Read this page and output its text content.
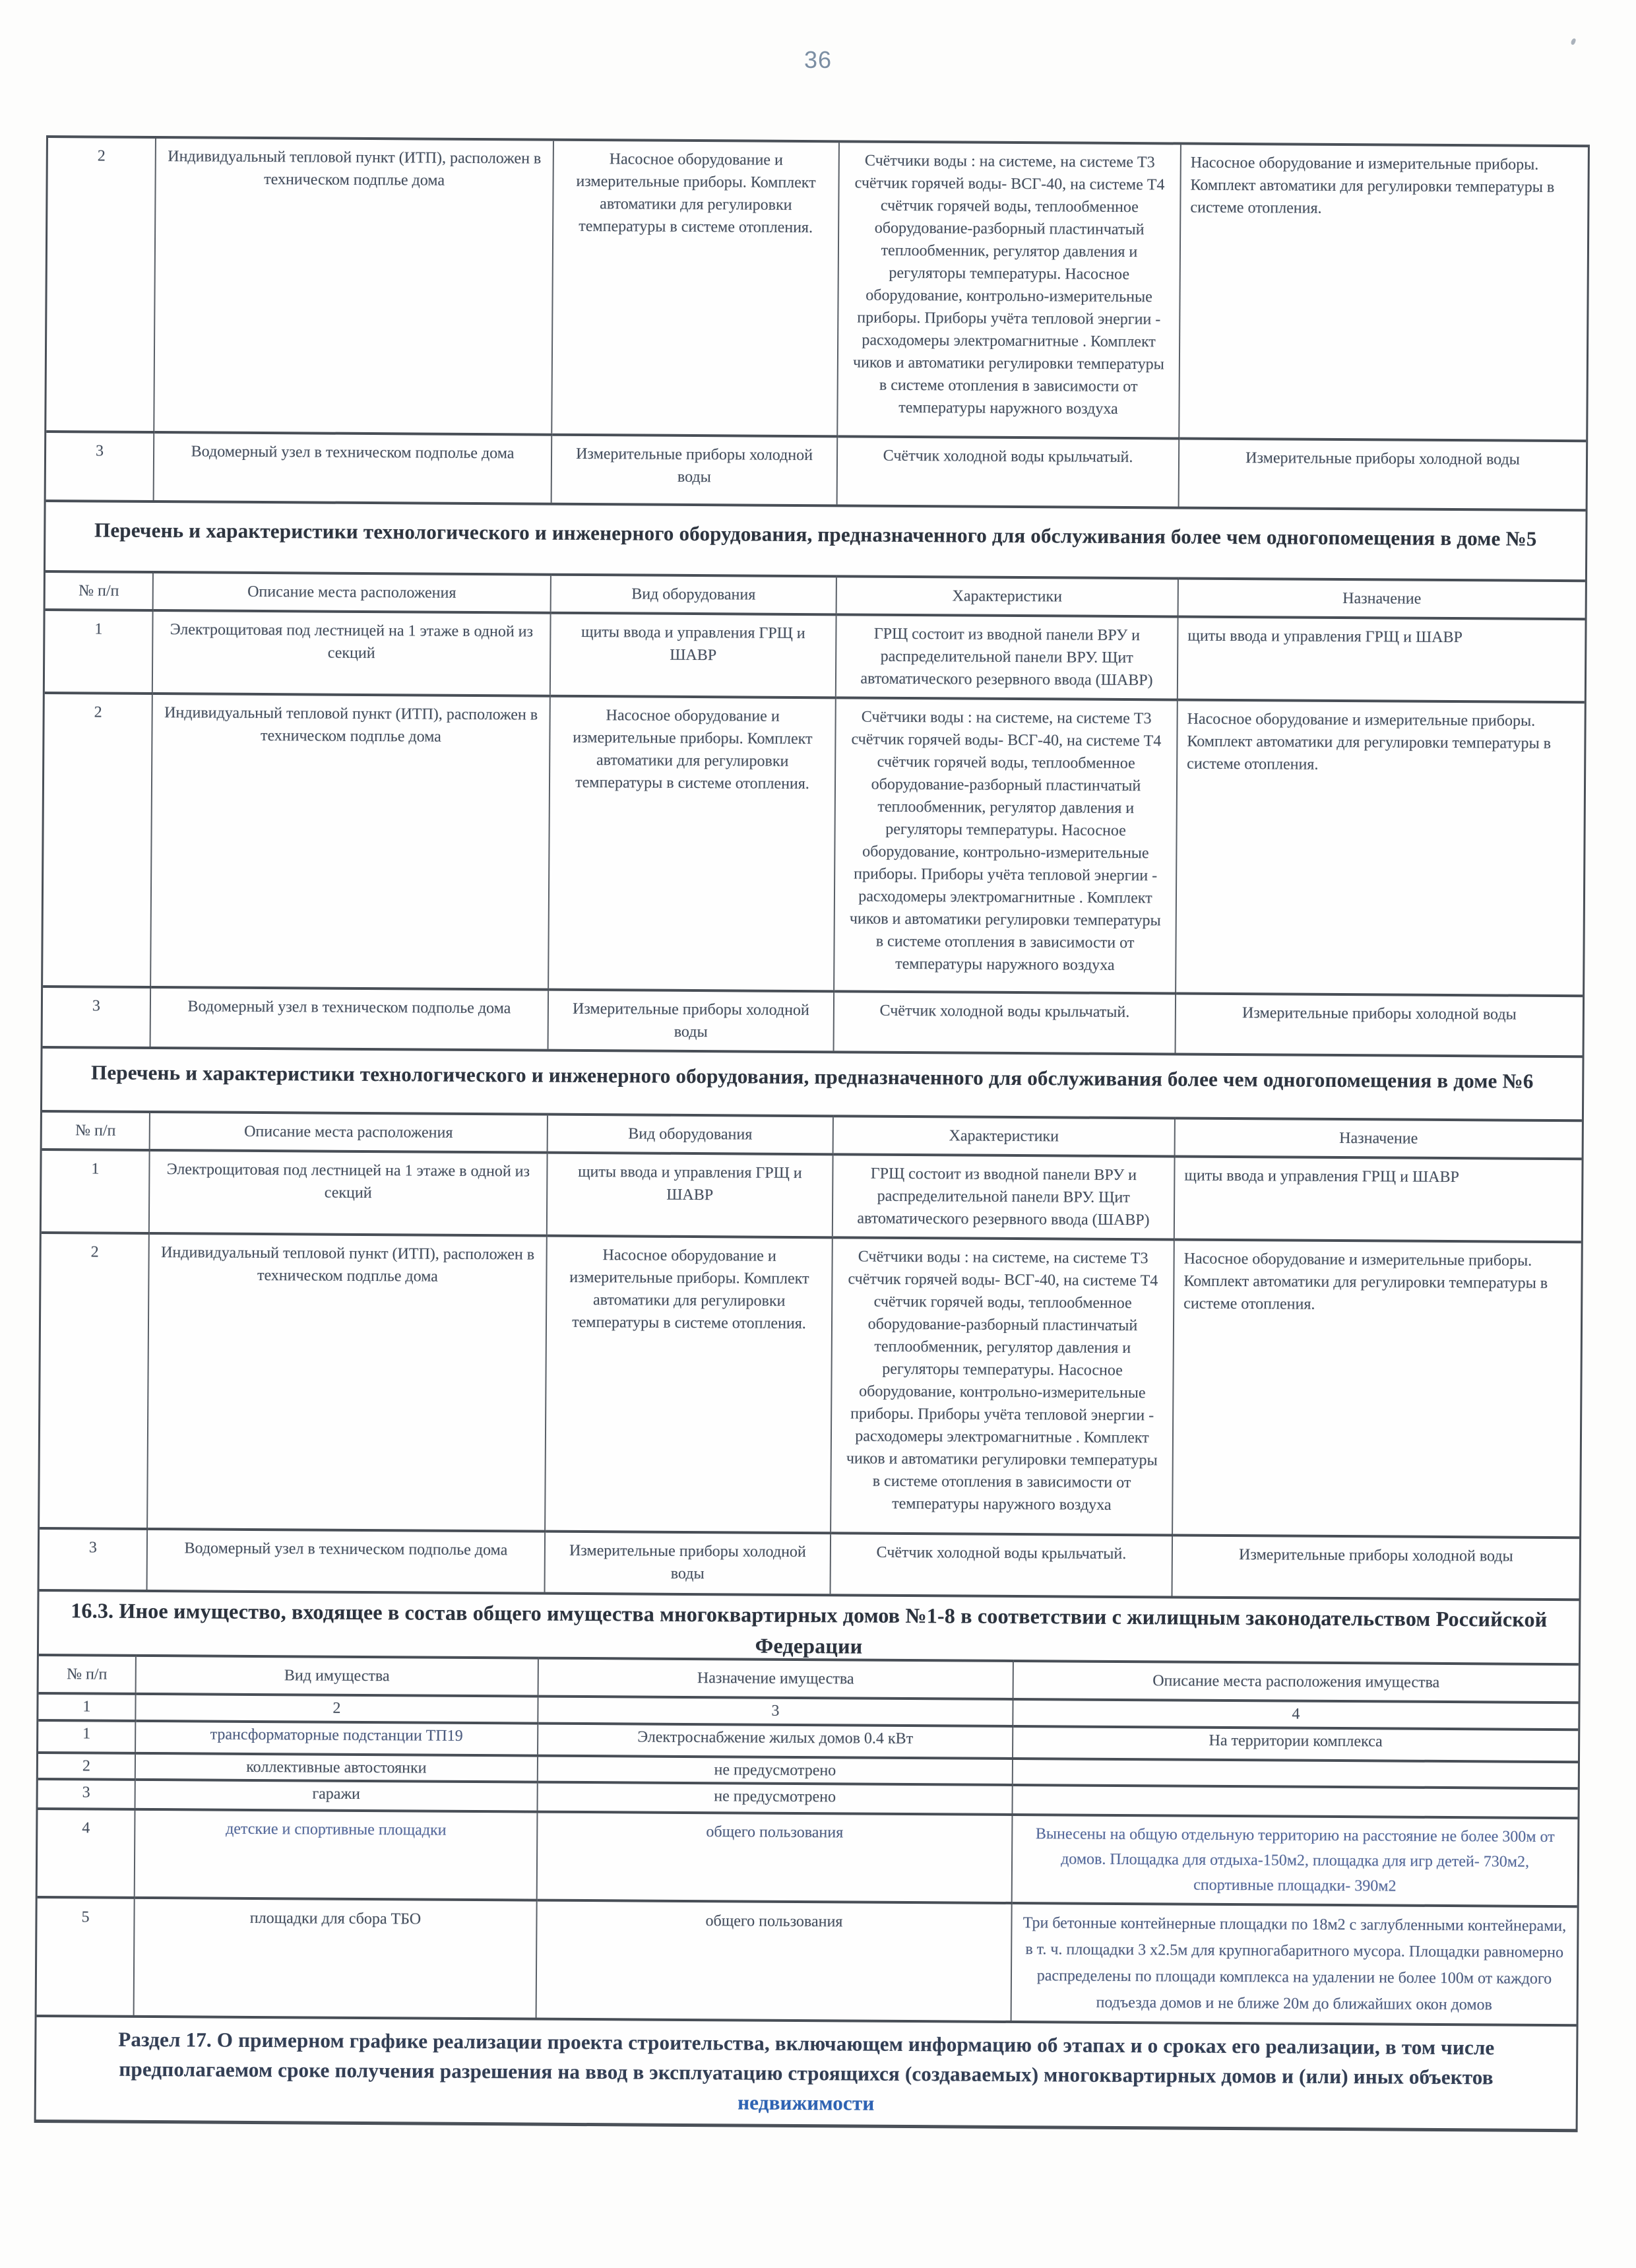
36
2	Индивидуальный тепловой пункт (ИТП), расположен в техническом подплье дома	Насосное оборудование и измерительные приборы. Комплект автоматики для регулировки температуры в системе отопления.	Счётчики воды : на системе, на системе Т3 счётчик горячей воды- ВСГ-40, на системе Т4 счётчик горячей воды, теплообменное оборудование-разборный пластинчатый теплообменник, регулятор давления и регуляторы температуры. Насосное оборудование, контрольно-измерительные приборы. Приборы учёта тепловой энергии - расходомеры электромагнитные . Комплект чиков и автоматики регулировки температуры в системе отопления в зависимости от температуры наружного воздуха	Насосное оборудование и измерительные приборы. Комплект автоматики для регулировки температуры в системе отопления.
3	Водомерный узел в техническом подполье дома	Измерительные приборы холодной воды	Счётчик холодной воды крыльчатый.	Измерительные приборы холодной воды
Перечень и характеристики технологического и инженерного оборудования, предназначенного для обслуживания более чем одногопомещения в доме №5
№ п/п	Описание места расположения	Вид оборудования	Характеристики	Назначение
1	Электрощитовая под лестницей на 1 этаже в одной из секций	щиты ввода и управления ГРЩ и ШАВР	ГРЩ состоит из вводной панели ВРУ и распределительной панели ВРУ. Щит автоматического резервного ввода (ШАВР)	щиты ввода и управления ГРЩ и ШАВР
2	Индивидуальный тепловой пункт (ИТП), расположен в техническом подплье дома	Насосное оборудование и измерительные приборы. Комплект автоматики для регулировки температуры в системе отопления.	Счётчики воды : на системе, на системе Т3 счётчик горячей воды- ВСГ-40, на системе Т4 счётчик горячей воды, теплообменное оборудование-разборный пластинчатый теплообменник, регулятор давления и регуляторы температуры. Насосное оборудование, контрольно-измерительные приборы. Приборы учёта тепловой энергии - расходомеры электромагнитные . Комплект чиков и автоматики регулировки температуры в системе отопления в зависимости от температуры наружного воздуха	Насосное оборудование и измерительные приборы. Комплект автоматики для регулировки температуры в системе отопления.
3	Водомерный узел в техническом подполье дома	Измерительные приборы холодной воды	Счётчик холодной воды крыльчатый.	Измерительные приборы холодной воды
Перечень и характеристики технологического и инженерного оборудования, предназначенного для обслуживания более чем одногопомещения в доме №6
№ п/п	Описание места расположения	Вид оборудования	Характеристики	Назначение
1	Электрощитовая под лестницей на 1 этаже в одной из секций	щиты ввода и управления ГРЩ и ШАВР	ГРЩ состоит из вводной панели ВРУ и распределительной панели ВРУ. Щит автоматического резервного ввода (ШАВР)	щиты ввода и управления ГРЩ и ШАВР
2	Индивидуальный тепловой пункт (ИТП), расположен в техническом подплье дома	Насосное оборудование и измерительные приборы. Комплект автоматики для регулировки температуры в системе отопления.	Счётчики воды : на системе, на системе Т3 счётчик горячей воды- ВСГ-40, на системе Т4 счётчик горячей воды, теплообменное оборудование-разборный пластинчатый теплообменник, регулятор давления и регуляторы температуры. Насосное оборудование, контрольно-измерительные приборы. Приборы учёта тепловой энергии - расходомеры электромагнитные . Комплект чиков и автоматики регулировки температуры в системе отопления в зависимости от температуры наружного воздуха	Насосное оборудование и измерительные приборы. Комплект автоматики для регулировки температуры в системе отопления.
3	Водомерный узел в техническом подполье дома	Измерительные приборы холодной воды	Счётчик холодной воды крыльчатый.	Измерительные приборы холодной воды
16.3. Иное имущество, входящее в состав общего имущества многоквартирных домов №1-8 в соответствии с жилищным законодательством Российской Федерации
№ п/п	Вид имущества	Назначение имущества	Описание места расположения имущества
1	2	3	4
1	трансформаторные подстанции ТП19	Электроснабжение жилых домов 0.4 кВт	На территории комплекса
2	коллективные автостоянки	не предусмотрено	
3	гаражи	не предусмотрено	
4	детские и спортивные площадки	общего пользования	Вынесены на общую отдельную территорию на расстояние не более 300м от домов. Площадка для отдыха-150м2, площадка для игр детей- 730м2, спортивные площадки- 390м2
5	площадки для сбора ТБО	общего пользования	Три бетонные контейнерные площадки по 18м2 с заглубленными контейнерами, в т. ч. площадки 3 х2.5м для крупногабаритного мусора. Площадки равномерно распределены по площади комплекса на удалении не более 100м от каждого подъезда домов и не ближе 20м до ближайших окон домов
Раздел 17. О примерном графике реализации проекта строительства, включающем информацию об этапах и о сроках его реализации, в том числе предполагаемом сроке получения разрешения на ввод в эксплуатацию строящихся (создаваемых) многоквартирных домов и (или) иных объектов
недвижимости
